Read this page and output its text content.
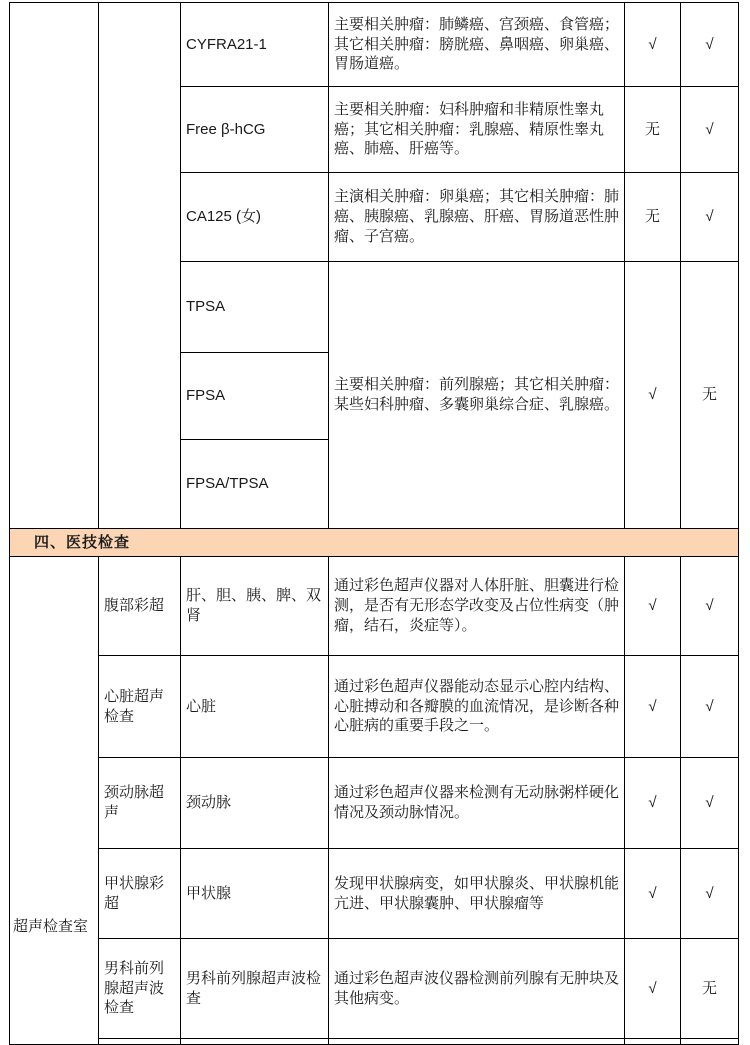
		CYFRA21-1	主要相关肿瘤：肺鳞癌、宫颈癌、食管癌；其它相关肿瘤：膀胱癌、鼻咽癌、卵巢癌、胃肠道癌。	√	√
		Free β-hCG	主要相关肿瘤：妇科肿瘤和非精原性睾丸癌；其它相关肿瘤：乳腺癌、精原性睾丸癌、肺癌、肝癌等。	无	√
		CA125 (女)	主演相关肿瘤：卵巢癌；其它相关肿瘤：肺癌、胰腺癌、乳腺癌、肝癌、胃肠道恶性肿瘤、子宫癌。	无	√
		TPSA	主要相关肿瘤：前列腺癌；其它相关肿瘤：某些妇科肿瘤、多囊卵巢综合症、乳腺癌。	√	无
		FPSA			
		FPSA/TPSA			
四、医技检查					

超声检查室	腹部彩超	肝、胆、胰、脾、双肾	通过彩色超声仪器对人体肝脏、胆囊进行检测，是否有无形态学改变及占位性病变（肿瘤，结石，炎症等）。	√	√
	心脏超声检查	心脏	通过彩色超声仪器能动态显示心腔内结构、心脏搏动和各瓣膜的血流情况，是诊断各种心脏病的重要手段之一。	√	√
	颈动脉超声	颈动脉	通过彩色超声仪器来检测有无动脉粥样硬化情况及颈动脉情况。	√	√
	甲状腺彩超	甲状腺	发现甲状腺病变，如甲状腺炎、甲状腺机能亢进、甲状腺囊肿、甲状腺瘤等	√	√
	男科前列腺超声波检查	男科前列腺超声波检查	通过彩色超声波仪器检测前列腺有无肿块及其他病变。	√	无
